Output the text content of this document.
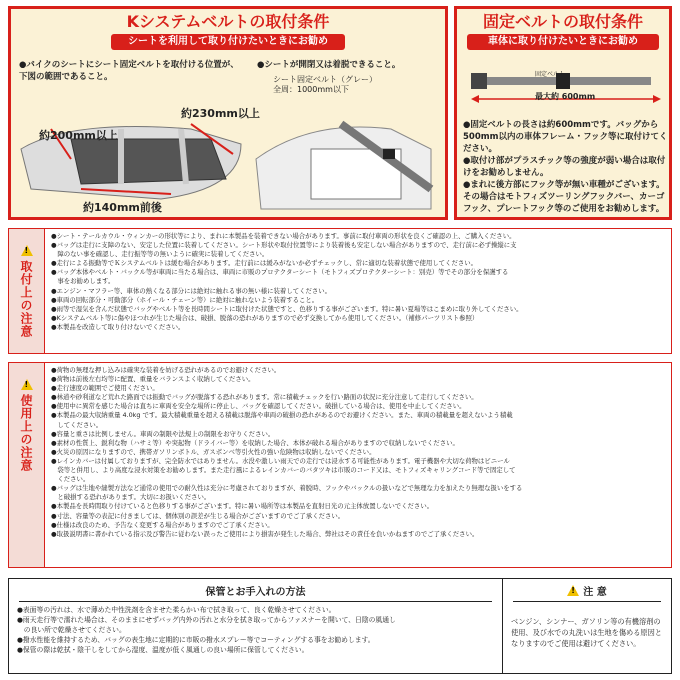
Kシステムベルトの取付条件
シートを利用して取り付けたいときにお勧め
●バイクのシートにシート固定ベルトを取付ける位置が、下図の範囲であること。
●シートが開閉又は着脱できること。
シート固定ベルト（グレー）
全周：1000mm以下
約200mm以上
約230mm以上
約140mm前後
固定ベルトの取付条件
車体に取り付けたいときにお勧め
固定ベルト
最大約 600mm
●固定ベルトの長さは約600mmです。バッグから500mm以内の車体フレーム・フック等に取付けてください。
●取付け部がプラスチック等の強度が弱い場合は取付けをお勧めしません。
●まれに後方部にフック等が無い車種がございます。その場合はモトフィズツーリングフックバー、カーゴフック、プレートフック等のご使用をお勧めします。
!
取付上の注意
●シート・テールカウル・ウィンカーの形状等により、まれに本製品を装着できない場合があります。事前に取付車両の形状を良くご確認の上、ご購入ください。
●バッグは走行に支障のない、安定した位置に装着してください。シート形状や取付位置等により装着後も安定しない場合がありますので、走行前に必ず操縦に支
　障のない事を確認し、走行振等等の無いように確実に装着してください。
●走行による振動等でＫシステムベルトは緩む場合があります。走行前には緩みがないか必ずチェックし、常に適切な装着状態で使用してください。
●バッグ本体やベルト・バックル等が車両に当たる場合は、車両に市販のプロテクターシート（モトフィズプロテクターシート：別売）等でその部分を保護する
　事をお勧めします。
●エンジン・マフラー等、車体の熱くなる部分には絶対に触れる事の無い様に装着してください。
●車両の回転部分・可動部分（ホイール・チェーン等）に絶対に触れないよう装着すること。
●雨等で湿気を含んだ状態でバッグやベルト等を長時間シートに取付けた状態ですと、色移りする事がございます。特に暑い夏場等はこまめに取り外してください。
●Kシステムベルト等に傷やほつれが生じた場合は、破損、脱落の恐れがありますので必ず交換してから使用してください。（補修パーツリスト参照）
●本製品を改造して取り付けないでください。
!
使用上の注意
●荷物の無理な押し込みは確実な装着を妨げる恐れがあるのでお避けください。
●荷物は前後左右均等に配置、重量をバランスよく収納してください。
●走行速度の範囲でご使用ください。
●林道や砂利道など荒れた路面では振動でバッグが脱落する恐れがあります。常に積載チェックを行い路面の状況に充分注意して走行してください。
●使用中に異常を感じた場合は直ちに車両を安全な場所に停止し、バッグを確認してください。破損している場合は、使用を中止してください。
●本製品の最大収納重量 4.0kg です。最大積載重量を超える積載は脱落や車両の破損の恐れがあるのでお避けください。また、車両の積載量を超えないよう積載
　してください。
●容量と重さは比例しません。車両の制限や法規上の制限をお守りください。
●素材の性質上、鋭利な物（ハサミ等）や突起物（ドライバー等）を収納した場合、本体が破れる場合がありますので収納しないでください。
●火災の原因になりますので、携帯ガソリンボトル、ガスボンベ等引火性の強い危険物は収納しないでください。
●レインカバーは付属しておりますが、完全防水ではありません。水没や激しい雨天での走行では浸水する可能性があります。電子機器や大切な荷物はビニール
　袋等と併用し、より高度な浸水対策をお勧めします。また走行風によるレインカバーのバタツキは市販のコード又は、モトフィズキャリングコード等で固定して
　ください。
●バッグは生地や縫製方法など通常の使用での耐久性は充分に考慮されておりますが、着脱時、フックやバックルの扱いなどで無理な力を加えたり無理な扱いをする
　と破損する恐れがあります。大切にお扱いください。
●本製品を長時間取り付けていると色移りする事がございます。特に暑い場所等は本製品を直射日光の元主体放置しないでください。
●寸法、容量等の表記に付きましては、個体別の誤差が生じる場合がございますのでご了承ください。
●仕様は改良のため、予告なく変更する場合がありますのでご了承ください。
●取扱説明書に書かれている指示及び警告に従わない誤ったご使用により損害が発生した場合、弊社はその責任を負いかねますのでご了承ください。
保管とお手入れの方法
●表面等の汚れは、水で薄めた中性洗剤を含ませた柔らかい布で拭き取って、良く乾燥させてください。
●雨天走行等で濡れた場合は、そのままにせずバッグ内外の汚れと水分を拭き取ってからファスナーを開いて、日陰の風通し
　の良い所で乾燥させてください。
●撥水性能を維持するため、バッグの表生地に定期的に市販の撥水スプレー等でコーティングする事をお勧めします。
●保管の際は乾拭・陰干しをしてから湿度、温度が低く風通しの良い場所に保管してください。
!
注 意
ベンジン、シンナー、ガソリン等の有機溶剤の使用、及び水での丸洗いは生地を傷める原因となりますのでご使用は避けてください。
